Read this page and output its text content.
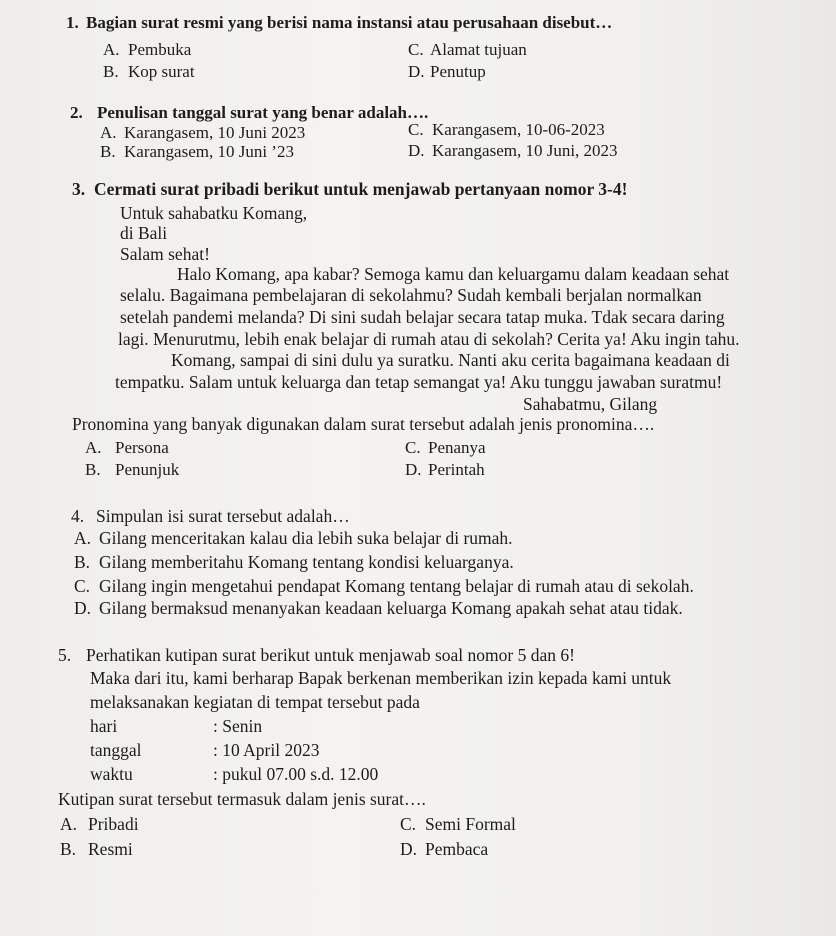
1. Bagian surat resmi yang berisi nama instansi atau perusahaan disebut…
A. Pembuka
B. Kop surat
C. Alamat tujuan
D. Penutup
2. Penulisan tanggal surat yang benar adalah….
A. Karangasem, 10 Juni 2023
B. Karangasem, 10 Juni ’23
C. Karangasem, 10-06-2023
D. Karangasem, 10 Juni, 2023
3. Cermati surat pribadi berikut untuk menjawab pertanyaan nomor 3-4!
Untuk sahabatku Komang,
di Bali
Salam sehat!
Halo Komang, apa kabar? Semoga kamu dan keluargamu dalam keadaan sehat
selalu. Bagaimana pembelajaran di sekolahmu? Sudah kembali berjalan normalkan
setelah pandemi melanda? Di sini sudah belajar secara tatap muka. Tdak secara daring
lagi. Menurutmu, lebih enak belajar di rumah atau di sekolah? Cerita ya! Aku ingin tahu.
Komang, sampai di sini dulu ya suratku. Nanti aku cerita bagaimana keadaan di
tempatku. Salam untuk keluarga dan tetap semangat ya! Aku tunggu jawaban suratmu!
Sahabatmu, Gilang
Pronomina yang banyak digunakan dalam surat tersebut adalah jenis pronomina….
A. Persona
B. Penunjuk
C. Penanya
D. Perintah
4. Simpulan isi surat tersebut adalah…
A. Gilang menceritakan kalau dia lebih suka belajar di rumah.
B. Gilang memberitahu Komang tentang kondisi keluarganya.
C. Gilang ingin mengetahui pendapat Komang tentang belajar di rumah atau di sekolah.
D. Gilang bermaksud menanyakan keadaan keluarga Komang apakah sehat atau tidak.
5. Perhatikan kutipan surat berikut untuk menjawab soal nomor 5 dan 6!
Maka dari itu, kami berharap Bapak berkenan memberikan izin kepada kami untuk
melaksanakan kegiatan di tempat tersebut pada
hari	: Senin
tanggal	: 10 April 2023
waktu	: pukul 07.00 s.d. 12.00
Kutipan surat tersebut termasuk dalam jenis surat….
A. Pribadi
B. Resmi
C. Semi Formal
D. Pembaca
